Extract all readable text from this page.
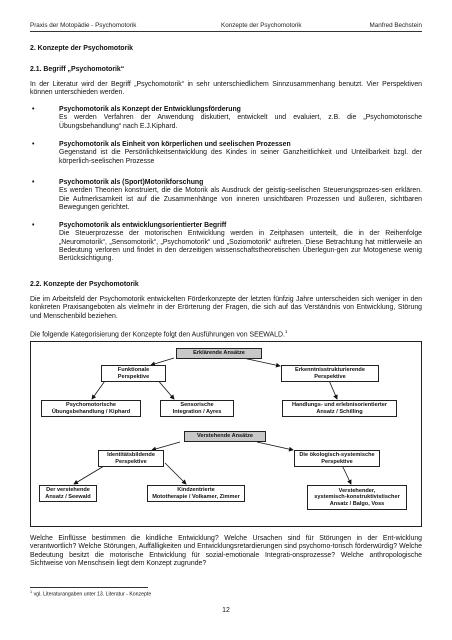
Praxis der Motopädie - Psychomotorik	Konzepte der Psychomotorik	Manfred Bechstein
2. Konzepte der Psychomotorik
2.1. Begriff „Psychomotorik“
In der Literatur wird der Begriff „Psychomotorik“ in sehr unterschiedlichem Sinnzusammenhang benutzt. Vier Perspektiven können unterschieden werden.
•	Psychomotorik als Konzept der Entwicklungsförderung
Es werden Verfahren der Anwendung diskutiert, entwickelt und evaluiert, z.B. die „Psychomotorische Übungsbehandlung“ nach E.J.Kiphard.
•	Psychomotorik als Einheit von körperlichen und seelischen Prozessen
Gegenstand ist die Persönlichkeitsentwicklung des Kindes in seiner Ganzheitlichkeit und Unteilbarkeit bzgl. der körperlich-seelischen Prozesse
•	Psychomotorik als (Sport)Motorikforschung
Es werden Theorien konstruiert, die die Motorik als Ausdruck der geistig-seelischen Steuerungsprozes-sen erklären. Die Aufmerksamkeit ist auf die Zusammenhänge von inneren unsichtbaren Prozessen und äußeren, sichtbaren Bewegungen gerichtet.
•	Psychomotorik als entwicklungsorientierter Begriff
Die Steuerprozesse der motorischen Entwicklung werden in Zeitphasen unterteilt, die in der Reihenfolge „Neuromotorik“, „Sensomotorik“, „Psychomotorik“ und „Soziomotorik“ auftreten. Diese Betrachtung hat mittlerweile an Bedeutung verloren und findet in den derzeitigen wissenschaftstheoretischen Überlegun-gen zur Motogenese wenig Berücksichtigung.
2.2. Konzepte der Psychomotorik
Die im Arbeitsfeld der Psychomotorik entwickelten Förderkonzepte der letzten fünfzig Jahre unterscheiden sich weniger in den konkreten Praxisangeboten als vielmehr in der Erörterung der Fragen, die sich auf das Verständnis von Entwicklung, Störung und Menschenbild beziehen.
Die folgende Kategorisierung der Konzepte folgt den Ausführungen von SEEWALD.$^1$
Erklärende Ansätze
Funktionale
Perspektive
Erkenntnisstrukturierende
Perspektive
Psychomotorische
Übungsbehandlung / Kiphard
Sensorische
Integration / Ayres
Handlungs- und erlebnisorientierter
Ansatz / Schilling
Verstehende Ansätze
Identitätsbildende
Perspektive
Die ökologisch-systemische
Perspektive
Der verstehende
Ansatz / Seewald
Kindzentrierte
Mototherapie / Volkamer, Zimmer
Verstehender,
systemisch-konstruktivistischer
Ansatz / Balgo, Voss
Welche Einflüsse bestimmen die kindliche Entwicklung? Welche Ursachen sind für Störungen in der Ent-wicklung verantwortlich? Welche Störungen, Auffälligkeiten und Entwicklungsretardierungen sind psychomo-torisch förderwürdig? Welche Bedeutung besitzt die motorische Entwicklung für sozial-emotionale Integrati-onsprozesse? Welche anthropologische Sichtweise von Menschsein liegt dem Konzept zugrunde?
$^1$ vgl. Literaturangaben unter 13. Literatur - Konzepte
12
